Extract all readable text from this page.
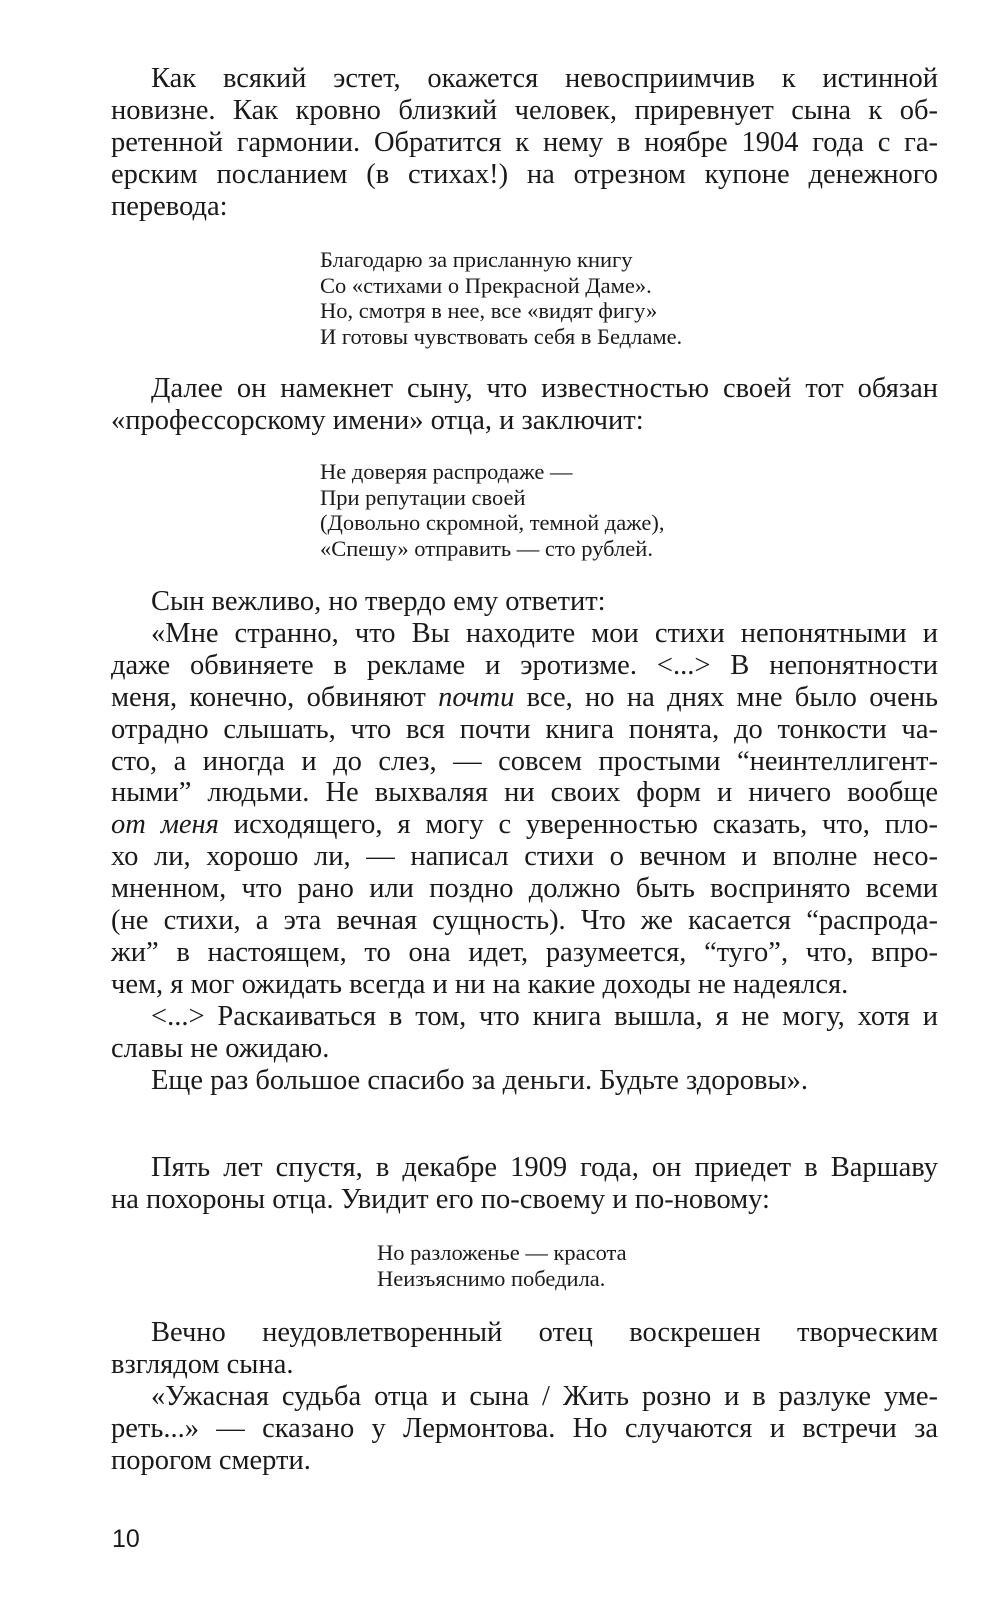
Как всякий эстет, окажется невосприимчив к истинной
новизне. Как кровно близкий человек, приревнует сына к об-
ретенной гармонии. Обратится к нему в ноябре 1904 года с га-
ерским посланием (в стихах!) на отрезном купоне денежного
перевода:

Благодарю за присланную книгу
Со «стихами о Прекрасной Даме».
Но, смотря в нее, все «видят фигу»
И готовы чувствовать себя в Бедламе.

Далее он намекнет сыну, что известностью своей тот обязан
«профессорскому имени» отца, и заключит:

Не доверяя распродаже —
При репутации своей
(Довольно скромной, темной даже),
«Спешу» отправить — сто рублей.

Сын вежливо, но твердо ему ответит:
«Мне странно, что Вы находите мои стихи непонятными и
даже обвиняете в рекламе и эротизме. <...> В непонятности
меня, конечно, обвиняют почти все, но на днях мне было очень
отрадно слышать, что вся почти книга понята, до тонкости ча-
сто, а иногда и до слез, — совсем простыми “неинтеллигент-
ными” людьми. Не выхваляя ни своих форм и ничего вообще
от меня исходящего, я могу с уверенностью сказать, что, пло-
хо ли, хорошо ли, — написал стихи о вечном и вполне несо-
мненном, что рано или поздно должно быть воспринято всеми
(не стихи, а эта вечная сущность). Что же касается “распрода-
жи” в настоящем, то она идет, разумеется, “туго”, что, впро-
чем, я мог ожидать всегда и ни на какие доходы не надеялся.
<...> Раскаиваться в том, что книга вышла, я не могу, хотя и
славы не ожидаю.
Еще раз большое спасибо за деньги. Будьте здоровы».

Пять лет спустя, в декабре 1909 года, он приедет в Варшаву
на похороны отца. Увидит его по-своему и по-новому:

Но разложенье — красота
Неизъяснимо победила.

Вечно неудовлетворенный отец воскрешен творческим
взглядом сына.
«Ужасная судьба отца и сына / Жить розно и в разлуке уме-
реть...» — сказано у Лермонтова. Но случаются и встречи за
порогом смерти.

10
